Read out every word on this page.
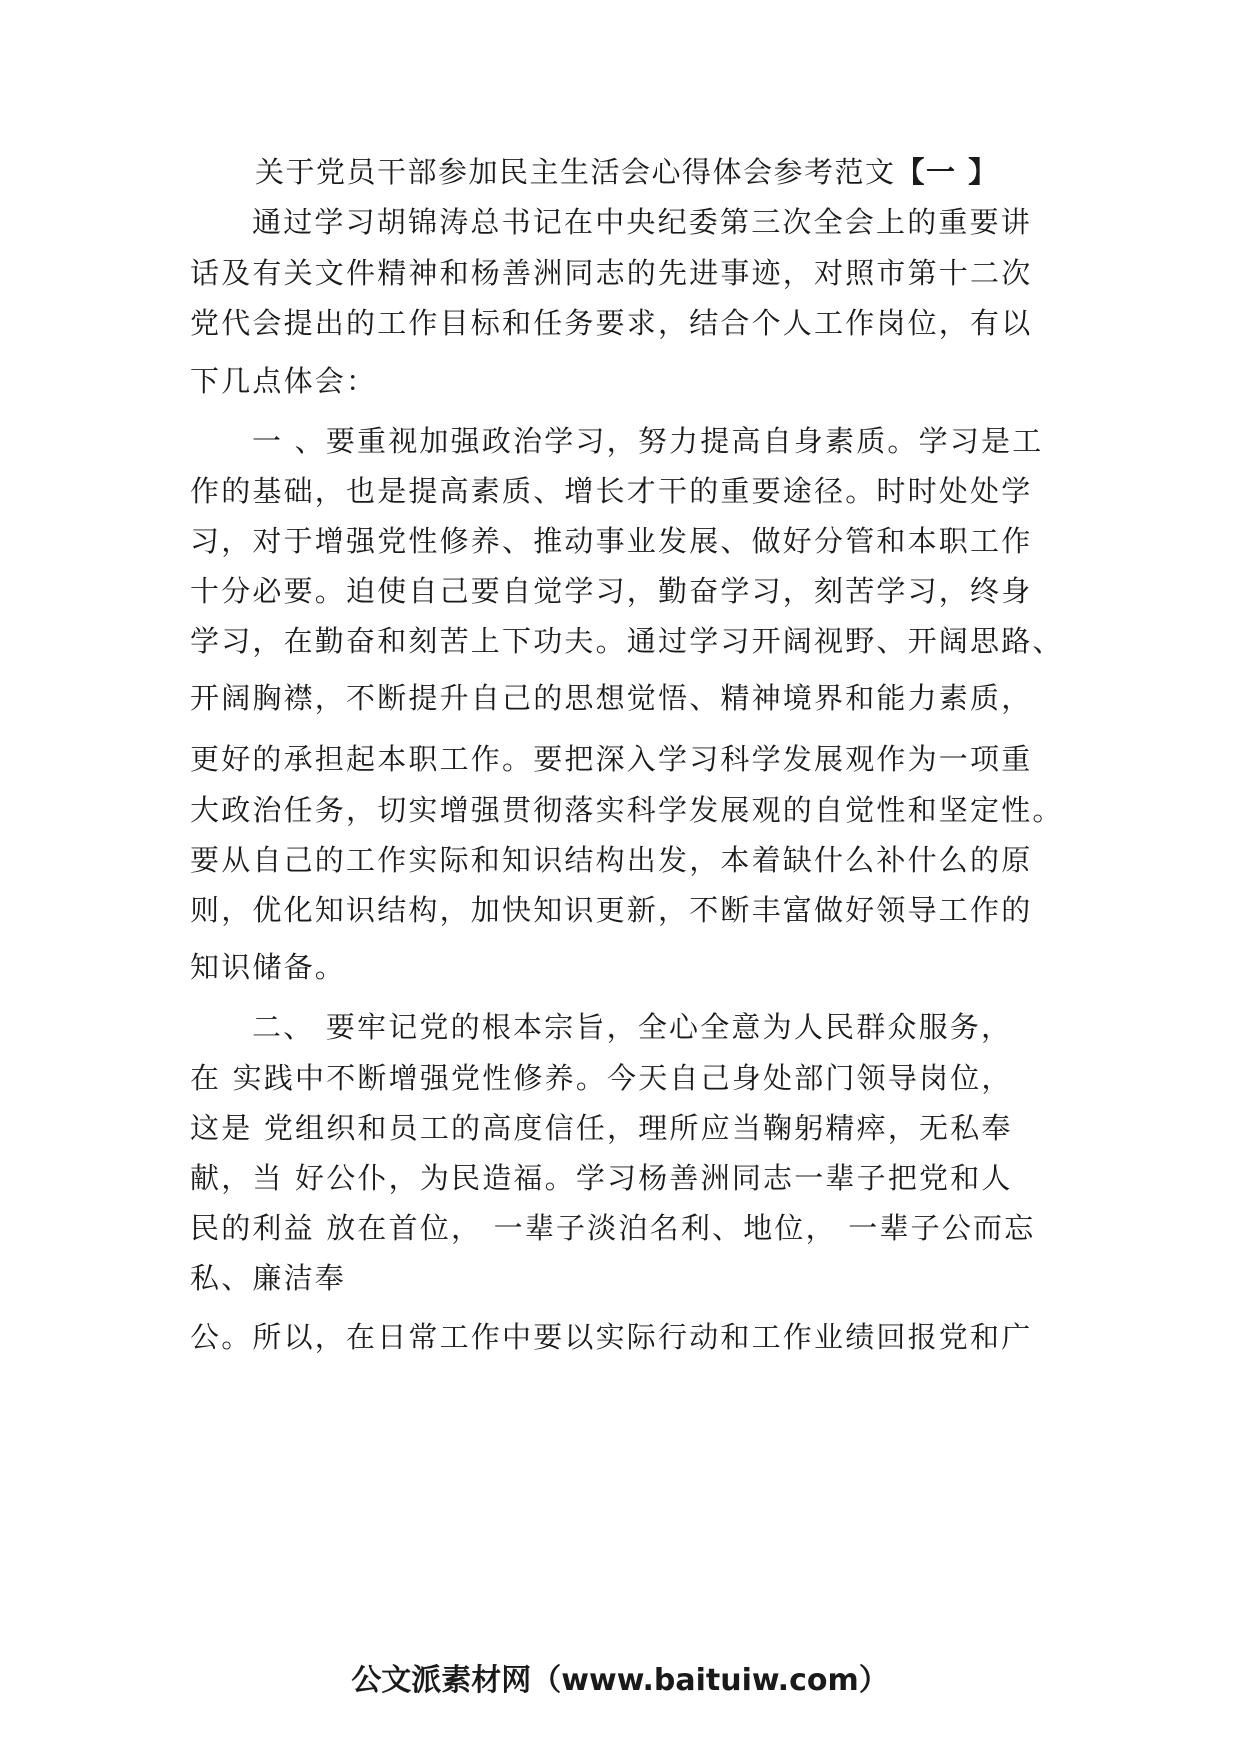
关于党员干部参加民主生活会心得体会参考范文【一 】
通过学习胡锦涛总书记在中央纪委第三次全会上的重要讲
话及有关文件精神和杨善洲同志的先进事迹，对照市第十二次
党代会提出的工作目标和任务要求，结合个人工作岗位，有以
下几点体会：
一 、要重视加强政治学习，努力提高自身素质。学习是工
作的基础，也是提高素质、增长才干的重要途径。时时处处学
习，对于增强党性修养、推动事业发展、做好分管和本职工作
十分必要。迫使自己要自觉学习，勤奋学习，刻苦学习，终身
学习，在勤奋和刻苦上下功夫。通过学习开阔视野、开阔思路、
开阔胸襟，不断提升自己的思想觉悟、精神境界和能力素质，
更好的承担起本职工作。要把深入学习科学发展观作为一项重
大政治任务，切实增强贯彻落实科学发展观的自觉性和坚定性。
要从自己的工作实际和知识结构出发，本着缺什么补什么的原
则，优化知识结构，加快知识更新，不断丰富做好领导工作的
知识储备。
二、 要牢记党的根本宗旨，全心全意为人民群众服务，
在 实践中不断增强党性修养。今天自己身处部门领导岗位，
这是 党组织和员工的高度信任，理所应当鞠躬精瘁，无私奉
献，当 好公仆，为民造福。学习杨善洲同志一辈子把党和人
民的利益 放在首位， 一辈子淡泊名利、地位， 一辈子公而忘
私、廉洁奉
公。所以，在日常工作中要以实际行动和工作业绩回报党和广
公文派素材网（www.baituiw.com）
